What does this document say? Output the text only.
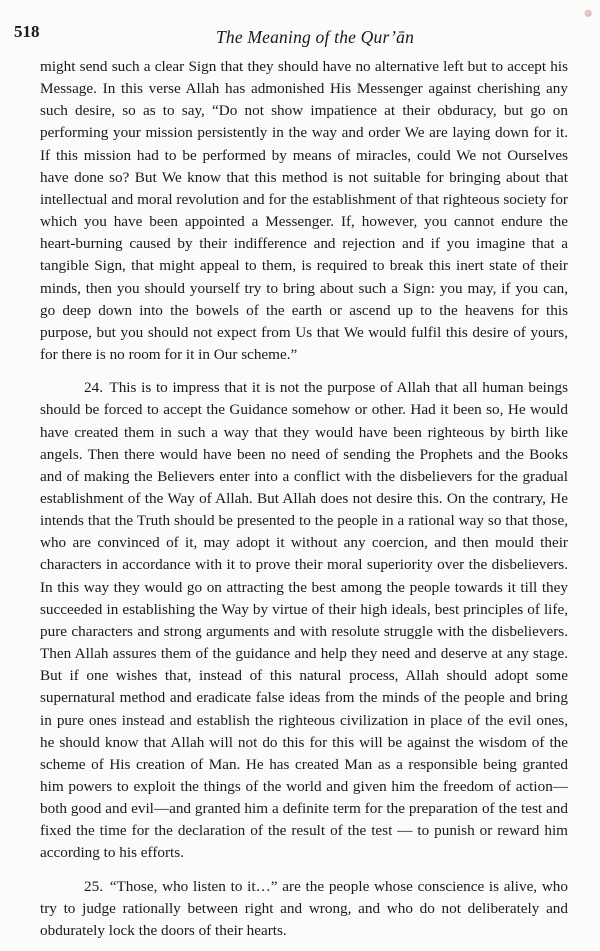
518	The Meaning of the Qur’ān
❁

might send such a clear Sign that they should have no alternative left but to accept his Message. In this verse Allah has admonished His Messenger against cherishing any such desire, so as to say, “Do not show impatience at their obduracy, but go on performing your mission persistently in the way and order We are laying down for it. If this mission had to be performed by means of miracles, could We not Ourselves have done so? But We know that this method is not suitable for bringing about that intellectual and moral revolution and for the establishment of that righteous society for which you have been appointed a Messenger. If, however, you cannot endure the heart-burning caused by their indifference and rejection and if you imagine that a tangible Sign, that might appeal to them, is required to break this inert state of their minds, then you should yourself try to bring about such a Sign: you may, if you can, go deep down into the bowels of the earth or ascend up to the heavens for this purpose, but you should not expect from Us that We would fulfil this desire of yours, for there is no room for it in Our scheme.”

24. This is to impress that it is not the purpose of Allah that all human beings should be forced to accept the Guidance somehow or other. Had it been so, He would have created them in such a way that they would have been righteous by birth like angels. Then there would have been no need of sending the Prophets and the Books and of making the Believers enter into a conflict with the disbelievers for the gradual establishment of the Way of Allah. But Allah does not desire this. On the contrary, He intends that the Truth should be presented to the people in a rational way so that those, who are convinced of it, may adopt it without any coercion, and then mould their characters in accordance with it to prove their moral superiority over the disbelievers. In this way they would go on attracting the best among the people towards it till they succeeded in establishing the Way by virtue of their high ideals, best principles of life, pure characters and strong arguments and with resolute struggle with the disbelievers. Then Allah assures them of the guidance and help they need and deserve at any stage. But if one wishes that, instead of this natural process, Allah should adopt some supernatural method and eradicate false ideas from the minds of the people and bring in pure ones instead and establish the righteous civilization in place of the evil ones, he should know that Allah will not do this for this will be against the wisdom of the scheme of His creation of Man. He has created Man as a responsible being granted him powers to exploit the things of the world and given him the freedom of action—both good and evil—and granted him a definite term for the preparation of the test and fixed the time for the declaration of the result of the test — to punish or reward him according to his efforts.

25. “Those, who listen to it…” are the people whose conscience is alive, who try to judge rationally between right and wrong, and who do not deliberately and obdurately lock the doors of their hearts.
